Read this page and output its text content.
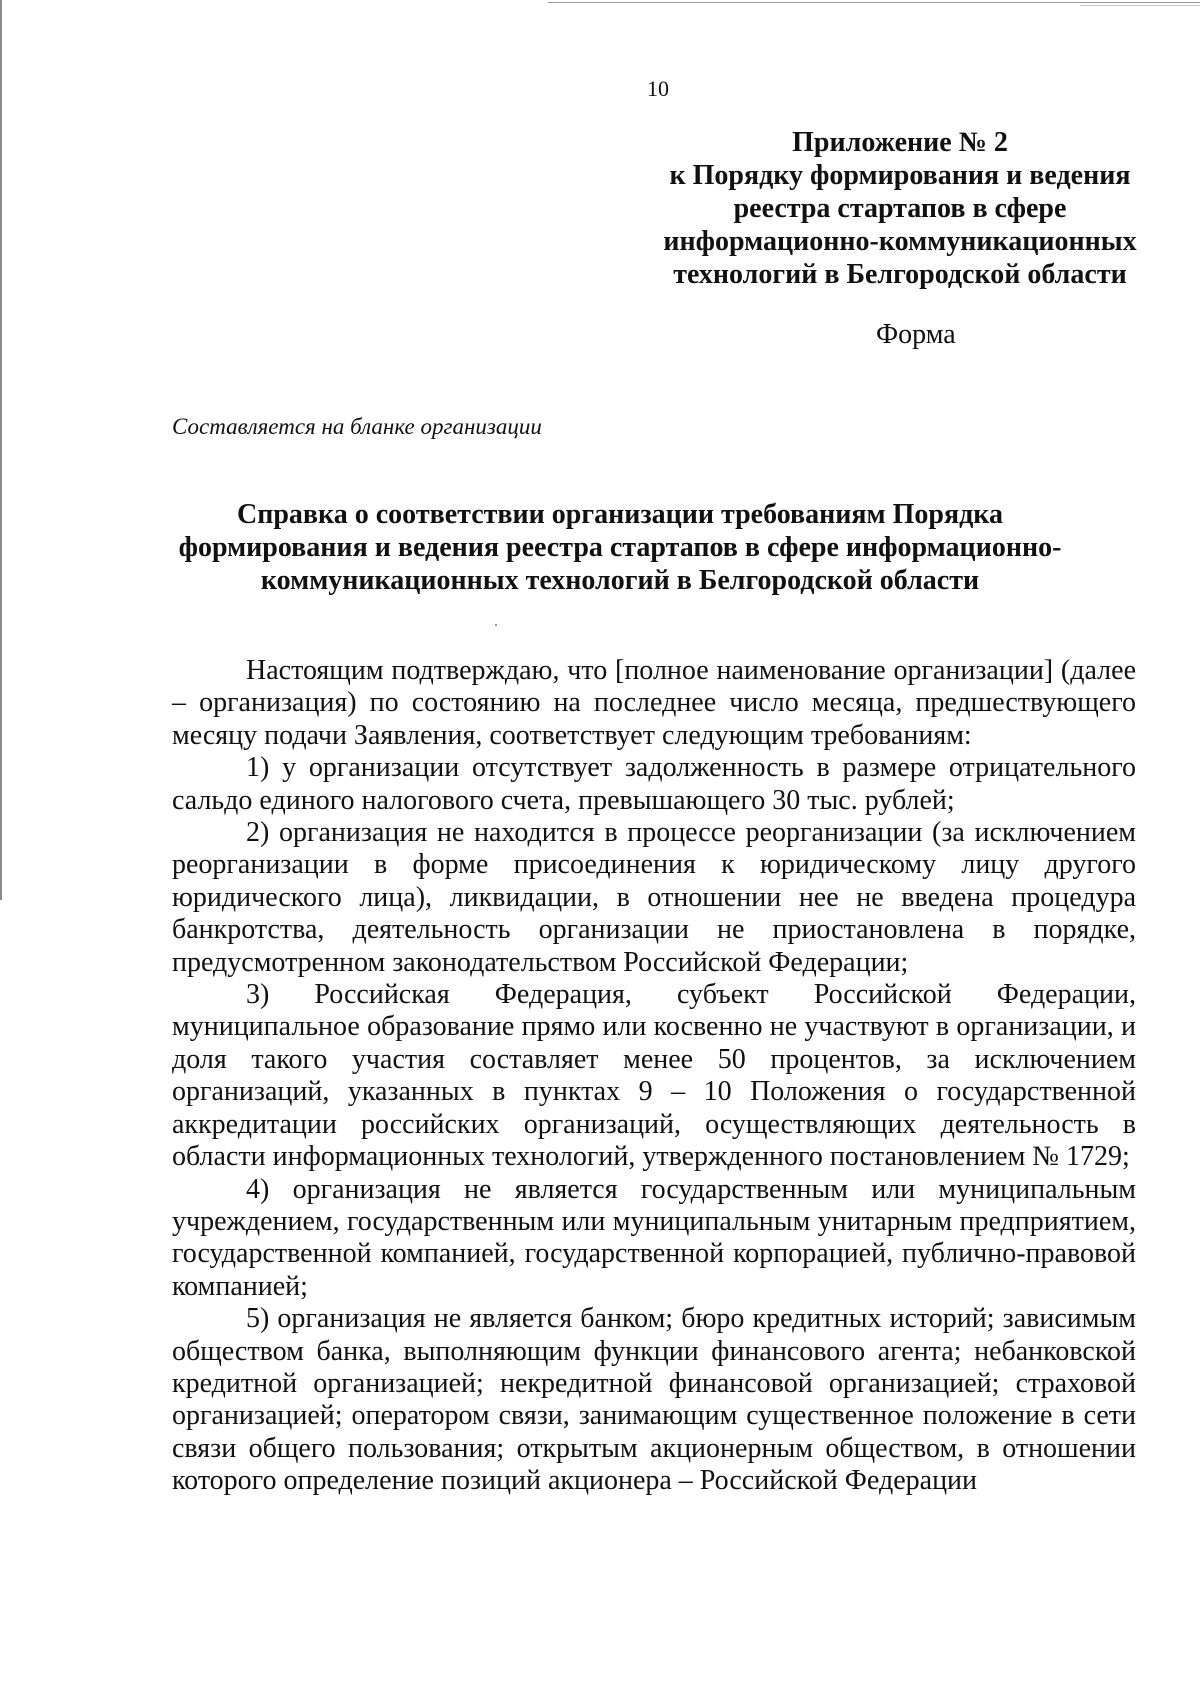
10
Приложение № 2
к Порядку формирования и ведения
реестра стартапов в сфере
информационно-коммуникационных
технологий в Белгородской области
Форма
Составляется на бланке организации
Справка о соответствии организации требованиям Порядка
формирования и ведения реестра стартапов в сфере информационно-
коммуникационных технологий в Белгородской области

Настоящим подтверждаю, что [полное наименование организации] (далее – организация) по состоянию на последнее число месяца, предшествующего месяцу подачи Заявления, соответствует следующим требованиям:

1) у организации отсутствует задолженность в размере отрицательного сальдо единого налогового счета, превышающего 30 тыс. рублей;

2) организация не находится в процессе реорганизации (за исключением реорганизации в форме присоединения к юридическому лицу другого юридического лица), ликвидации, в отношении нее не введена процедура банкротства, деятельность организации не приостановлена в порядке, предусмотренном законодательством Российской Федерации;

3) Российская Федерация, субъект Российской Федерации, муниципальное образование прямо или косвенно не участвуют в организации, и доля такого участия составляет менее 50 процентов, за исключением организаций, указанных в пунктах 9 – 10 Положения о государственной аккредитации российских организаций, осуществляющих деятельность в области информационных технологий, утвержденного постановлением № 1729;

4) организация не является государственным или муниципальным учреждением, государственным или муниципальным унитарным предприятием, государственной компанией, государственной корпорацией, публично-правовой компанией;

5) организация не является банком; бюро кредитных историй; зависимым обществом банка, выполняющим функции финансового агента; небанковской кредитной организацией; некредитной финансовой организацией; страховой организацией; оператором связи, занимающим существенное положение в сети связи общего пользования; открытым акционерным обществом, в отношении которого определение позиций акционера – Российской Федерации
